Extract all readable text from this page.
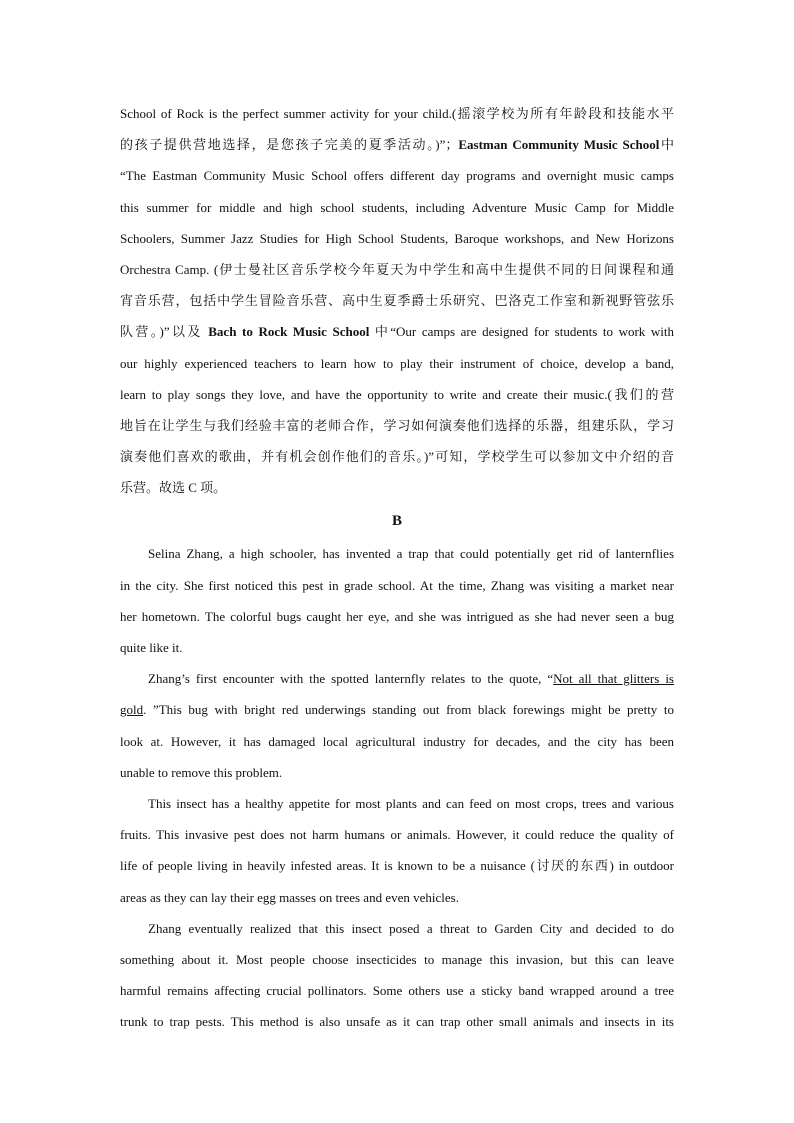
School of Rock is the perfect summer activity for your child.(摇滚学校为所有年龄段和技能水平
的孩子提供营地选择，是您孩子完美的夏季活动。)”；Eastman Community Music School中
“The Eastman Community Music School offers different day programs and overnight music camps
this summer for middle and high school students, including Adventure Music Camp for Middle
Schoolers, Summer Jazz Studies for High School Students, Baroque workshops, and New Horizons
Orchestra Camp. (伊士曼社区音乐学校今年夏天为中学生和高中生提供不同的日间课程和通
宵音乐营，包括中学生冒险音乐营、高中生夏季爵士乐研究、巴洛克工作室和新视野管弦乐
队营。)”以及 Bach to Rock Music School 中“Our camps are designed for students to work with
our highly experienced teachers to learn how to play their instrument of choice, develop a band,
learn to play songs they love, and have the opportunity to write and create their music.(我们的营
地旨在让学生与我们经验丰富的老师合作，学习如何演奏他们选择的乐器，组建乐队，学习
演奏他们喜欢的歌曲，并有机会创作他们的音乐。)”可知，学校学生可以参加文中介绍的音
乐营。故选 C 项。
B
Selina Zhang, a high schooler, has invented a trap that could potentially get rid of lanternflies
in the city. She first noticed this pest in grade school. At the time, Zhang was visiting a market near
her hometown. The colorful bugs caught her eye, and she was intrigued as she had never seen a bug
quite like it.
Zhang’s first encounter with the spotted lanternfly relates to the quote, “Not all that glitters is
gold. ”This bug with bright red underwings standing out from black forewings might be pretty to
look at. However, it has damaged local agricultural industry for decades, and the city has been
unable to remove this problem.
This insect has a healthy appetite for most plants and can feed on most crops, trees and various
fruits. This invasive pest does not harm humans or animals. However, it could reduce the quality of
life of people living in heavily infested areas. It is known to be a nuisance (讨厌的东西) in outdoor
areas as they can lay their egg masses on trees and even vehicles.
Zhang eventually realized that this insect posed a threat to Garden City and decided to do
something about it. Most people choose insecticides to manage this invasion, but this can leave
harmful remains affecting crucial pollinators. Some others use a sticky band wrapped around a tree
trunk to trap pests. This method is also unsafe as it can trap other small animals and insects in its
